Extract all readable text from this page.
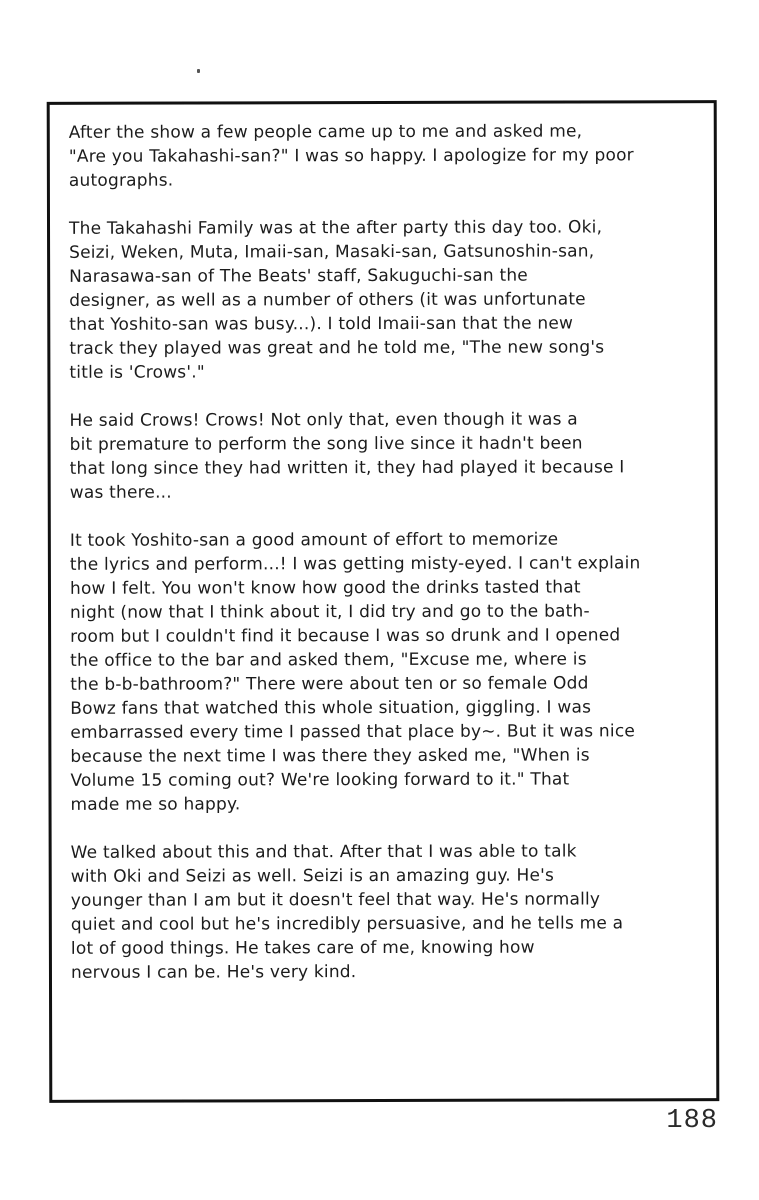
After the show a few people came up to me and asked me,
"Are you Takahashi-san?" I was so happy. I apologize for my poor
autographs.

The Takahashi Family was at the after party this day too. Oki,
Seizi, Weken, Muta, Imaii-san, Masaki-san, Gatsunoshin-san,
Narasawa-san of The Beats' staff, Sakuguchi-san the
designer, as well as a number of others (it was unfortunate
that Yoshito-san was busy...). I told Imaii-san that the new
track they played was great and he told me, "The new song's
title is 'Crows'."

He said Crows! Crows! Not only that, even though it was a
bit premature to perform the song live since it hadn't been
that long since they had written it, they had played it because I
was there...

It took Yoshito-san a good amount of effort to memorize
the lyrics and perform...! I was getting misty-eyed. I can't explain
how I felt. You won't know how good the drinks tasted that
night (now that I think about it, I did try and go to the bath-
room but I couldn't find it because I was so drunk and I opened
the office to the bar and asked them, "Excuse me, where is
the b-b-bathroom?" There were about ten or so female Odd
Bowz fans that watched this whole situation, giggling. I was
embarrassed every time I passed that place by~. But it was nice
because the next time I was there they asked me, "When is
Volume 15 coming out? We're looking forward to it." That
made me so happy.

We talked about this and that. After that I was able to talk
with Oki and Seizi as well. Seizi is an amazing guy. He's
younger than I am but it doesn't feel that way. He's normally
quiet and cool but he's incredibly persuasive, and he tells me a
lot of good things. He takes care of me, knowing how
nervous I can be. He's very kind.

188
